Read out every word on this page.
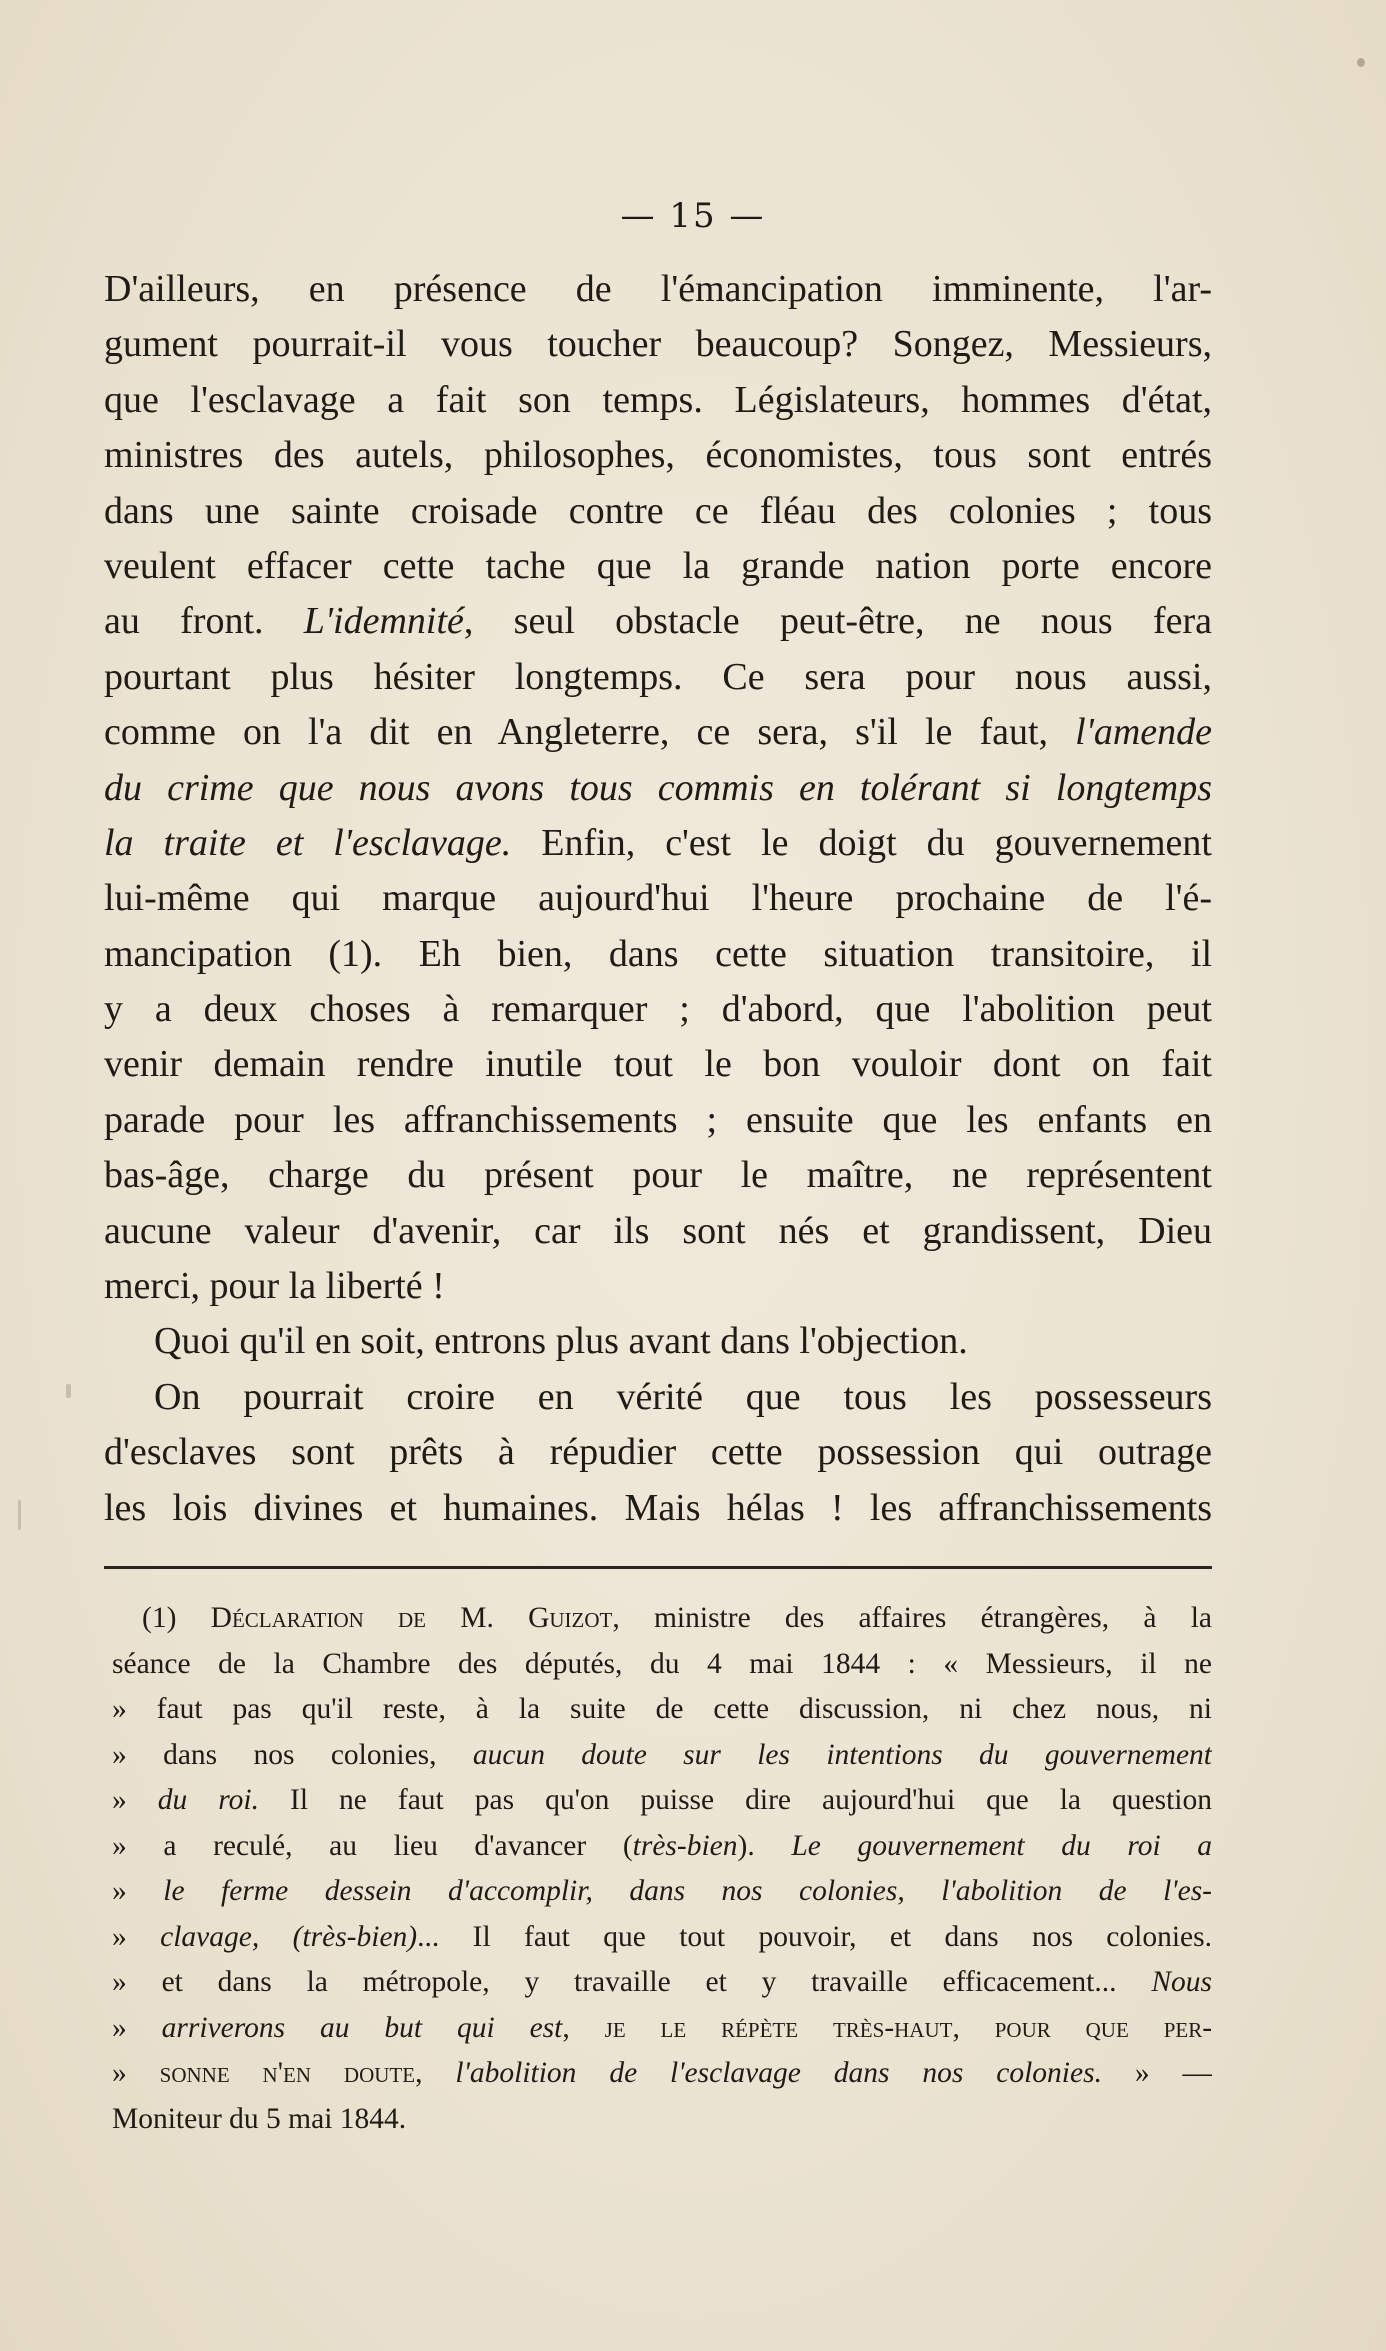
— 15 —
D'ailleurs, en présence de l'émancipation imminente, l'ar-
gument pourrait-il vous toucher beaucoup? Songez, Messieurs,
que l'esclavage a fait son temps. Législateurs, hommes d'état,
ministres des autels, philosophes, économistes, tous sont entrés
dans une sainte croisade contre ce fléau des colonies ; tous
veulent effacer cette tache que la grande nation porte encore
au front. L'idemnité, seul obstacle peut-être, ne nous fera
pourtant plus hésiter longtemps. Ce sera pour nous aussi,
comme on l'a dit en Angleterre, ce sera, s'il le faut, l'amende
du crime que nous avons tous commis en tolérant si longtemps
la traite et l'esclavage. Enfin, c'est le doigt du gouvernement
lui-même qui marque aujourd'hui l'heure prochaine de l'é-
mancipation (1). Eh bien, dans cette situation transitoire, il
y a deux choses à remarquer ; d'abord, que l'abolition peut
venir demain rendre inutile tout le bon vouloir dont on fait
parade pour les affranchissements ; ensuite que les enfants en
bas-âge, charge du présent pour le maître, ne représentent
aucune valeur d'avenir, car ils sont nés et grandissent, Dieu
merci, pour la liberté !
Quoi qu'il en soit, entrons plus avant dans l'objection.
On pourrait croire en vérité que tous les possesseurs
d'esclaves sont prêts à répudier cette possession qui outrage
les lois divines et humaines. Mais hélas ! les affranchissements
(1) Déclaration de M. Guizot, ministre des affaires étrangères, à la
séance de la Chambre des députés, du 4 mai 1844 : « Messieurs, il ne
» faut pas qu'il reste, à la suite de cette discussion, ni chez nous, ni
» dans nos colonies, aucun doute sur les intentions du gouvernement
» du roi. Il ne faut pas qu'on puisse dire aujourd'hui que la question
» a reculé, au lieu d'avancer (très-bien). Le gouvernement du roi a
» le ferme dessein d'accomplir, dans nos colonies, l'abolition de l'es-
» clavage, (très-bien)... Il faut que tout pouvoir, et dans nos colonies.
» et dans la métropole, y travaille et y travaille efficacement... Nous
» arriverons au but qui est, je le répète très-haut, pour que per-
» sonne n'en doute, l'abolition de l'esclavage dans nos colonies. » —
Moniteur du 5 mai 1844.
